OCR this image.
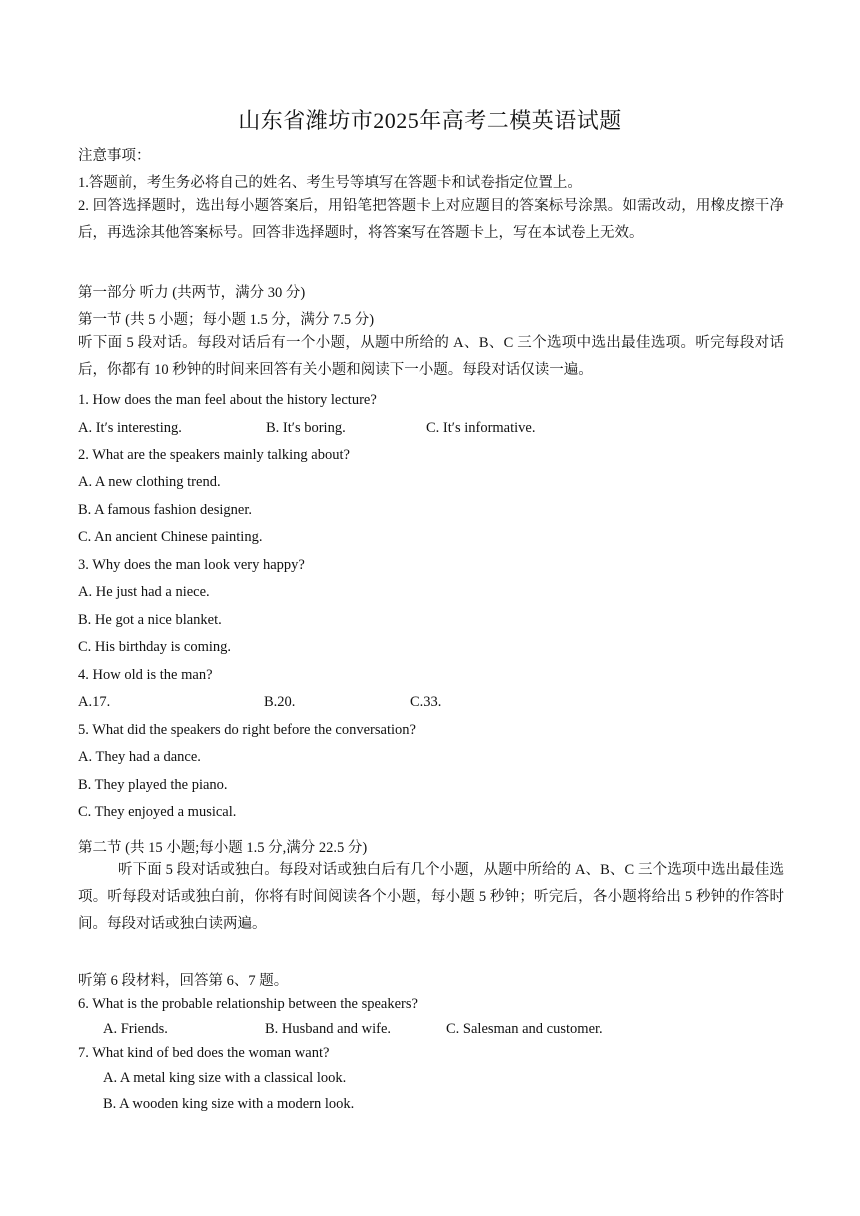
山东省潍坊市2025年高考二模英语试题
注意事项：
1.答题前，考生务必将自己的姓名、考生号等填写在答题卡和试卷指定位置上。
2. 回答选择题时，选出每小题答案后，用铅笔把答题卡上对应题目的答案标号涂黑。如需改动，用橡皮擦干净后，再选涂其他答案标号。回答非选择题时，将答案写在答题卡上，写在本试卷上无效。
第一部分 听力 (共两节，满分 30 分)
第一节 (共 5 小题；每小题 1.5 分，满分 7.5 分)
听下面 5 段对话。每段对话后有一个小题，从题中所给的 A、B、C 三个选项中选出最佳选项。听完每段对话后，你都有 10 秒钟的时间来回答有关小题和阅读下一小题。每段对话仅读一遍。
1. How does the man feel about the history lecture?
A. It′s interesting.	B. It′s boring.	C. It′s informative.
2. What are the speakers mainly talking about?
A. A new clothing trend.
B. A famous fashion designer.
C. An ancient Chinese painting.
3. Why does the man look very happy?
A. He just had a niece.
B. He got a nice blanket.
C. His birthday is coming.
4. How old is the man?
A.17.	B.20.	C.33.
5. What did the speakers do right before the conversation?
A. They had a dance.
B. They played the piano.
C. They enjoyed a musical.
第二节 (共 15 小题;每小题 1.5 分,满分 22.5 分)
听下面 5 段对话或独白。每段对话或独白后有几个小题，从题中所给的 A、B、C 三个选项中选出最佳选项。听每段对话或独白前，你将有时间阅读各个小题，每小题 5 秒钟；听完后，各小题将给出 5 秒钟的作答时间。每段对话或独白读两遍。
听第 6 段材料，回答第 6、7 题。
6. What is the probable relationship between the speakers?
A. Friends.	B. Husband and wife.	C. Salesman and customer.
7. What kind of bed does the woman want?
A. A metal king size with a classical look.
B. A wooden king size with a modern look.
